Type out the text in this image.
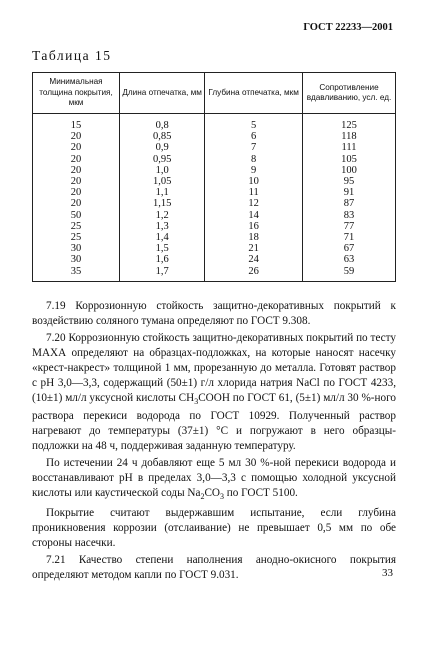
ГОСТ 22233—2001
Таблица 15
Минимальная толщина покрытия, мкм	Длина отпечатка, мм	Глубина отпечатка, мкм	Сопротивление вдавливанию, усл. ед.
15	0,8	5	125
20	0,85	6	118
20	0,9	7	111
20	0,95	8	105
20	1,0	9	100
20	1,05	10	95
20	1,1	11	91
20	1,15	12	87
50	1,2	14	83
25	1,3	16	77
25	1,4	18	71
30	1,5	21	67
30	1,6	24	63
35	1,7	26	59

7.19 Коррозионную стойкость защитно-декоративных покрытий к воздействию соляного тумана определяют по ГОСТ 9.308.

7.20 Коррозионную стойкость защитно-декоративных покрытий по тесту МАХА определяют на образцах-подложках, на которые наносят насечку «крест-накрест» толщиной 1 мм, прорезанную до металла. Готовят раствор с pH 3,0—3,3, содержащий (50±1) г/л хлорида натрия NaCl по ГОСТ 4233, (10±1) мл/л уксусной кислоты $CH_3COOH$ по ГОСТ 61, (5±1) мл/л 30 %-ного раствора перекиси водорода по ГОСТ 10929. Полученный раствор нагревают до температуры (37±1) °С и погружают в него образцы-подложки на 48 ч, поддерживая заданную температуру.

По истечении 24 ч добавляют еще 5 мл 30 %-ной перекиси водорода и восстанавливают pH в пределах 3,0—3,3 с помощью холодной уксусной кислоты или каустической соды $Na_2CO_3$ по ГОСТ 5100.

Покрытие считают выдержавшим испытание, если глубина проникновения коррозии (отслаивание) не превышает 0,5 мм по обе стороны насечки.

7.21 Качество степени наполнения анодно-окисного покрытия определяют методом капли по ГОСТ 9.031.	33
